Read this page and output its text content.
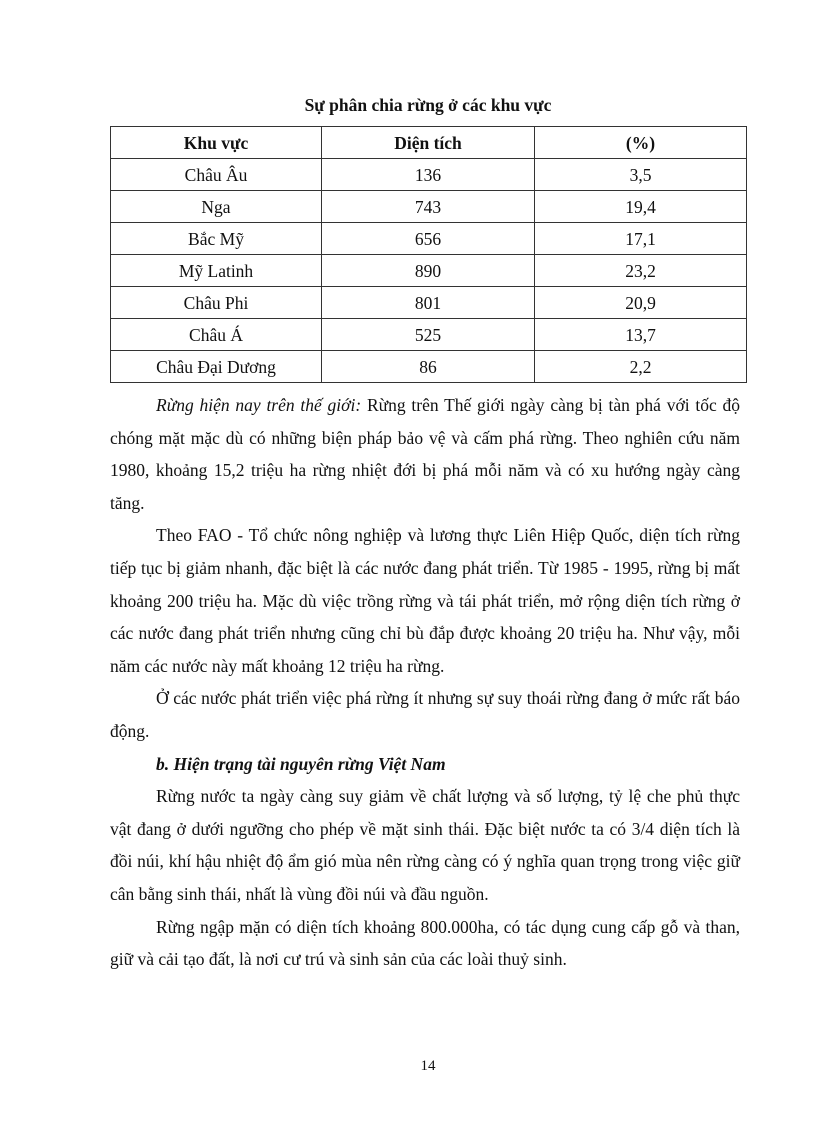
Sự phân chia rừng ở các khu vực
Khu vực	Diện tích	(%)
Châu Âu	136	3,5
Nga	743	19,4
Bắc Mỹ	656	17,1
Mỹ Latinh	890	23,2
Châu Phi	801	20,9
Châu Á	525	13,7
Châu Đại Dương	86	2,2

Rừng hiện nay trên thế giới: Rừng trên Thế giới ngày càng bị tàn phá với tốc độ chóng mặt mặc dù có những biện pháp bảo vệ và cấm phá rừng. Theo nghiên cứu năm 1980, khoảng 15,2 triệu ha rừng nhiệt đới bị phá mỗi năm và có xu hướng ngày càng tăng.

Theo FAO - Tổ chức nông nghiệp và lương thực Liên Hiệp Quốc, diện tích rừng tiếp tục bị giảm nhanh, đặc biệt là các nước đang phát triển. Từ 1985 - 1995, rừng bị mất khoảng 200 triệu ha. Mặc dù việc trồng rừng và tái phát triển, mở rộng diện tích rừng ở các nước đang phát triển nhưng cũng chỉ bù đắp được khoảng 20 triệu ha. Như vậy, mỗi năm các nước này mất khoảng 12 triệu ha rừng.

Ở các nước phát triển việc phá rừng ít nhưng sự suy thoái rừng đang ở mức rất báo động.

b. Hiện trạng tài nguyên rừng Việt Nam

Rừng nước ta ngày càng suy giảm về chất lượng và số lượng, tỷ lệ che phủ thực vật đang ở dưới ngưỡng cho phép về mặt sinh thái. Đặc biệt nước ta có 3/4 diện tích là đồi núi, khí hậu nhiệt độ ẩm gió mùa nên rừng càng có ý nghĩa quan trọng trong việc giữ cân bằng sinh thái, nhất là vùng đồi núi và đầu nguồn.

Rừng ngập mặn có diện tích khoảng 800.000ha, có tác dụng cung cấp gỗ và than, giữ và cải tạo đất, là nơi cư trú và sinh sản của các loài thuỷ sinh.

14
